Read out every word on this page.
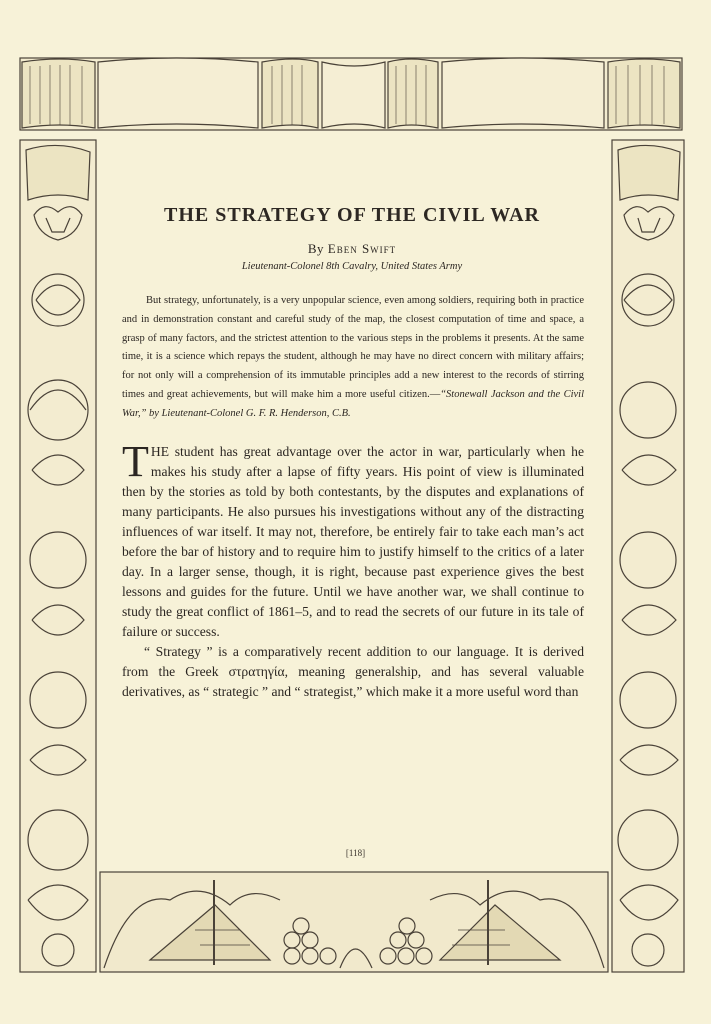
THE STRATEGY OF THE CIVIL WAR
By Eben Swift
Lieutenant-Colonel 8th Cavalry, United States Army
But strategy, unfortunately, is a very unpopular science, even among soldiers, requiring both in practice and in demonstration constant and careful study of the map, the closest computation of time and space, a grasp of many factors, and the strictest attention to the various steps in the problems it presents. At the same time, it is a science which repays the student, although he may have no direct concern with military affairs; for not only will a comprehension of its immutable principles add a new interest to the records of stirring times and great achievements, but will make him a more useful citizen.—“Stonewall Jackson and the Civil War,” by Lieutenant-Colonel G. F. R. Henderson, C.B.

THE student has great advantage over the actor in war, particularly when he makes his study after a lapse of fifty years. His point of view is illuminated then by the stories as told by both contestants, by the disputes and explanations of many participants. He also pursues his investigations without any of the distracting influences of war itself. It may not, therefore, be entirely fair to take each man’s act before the bar of history and to require him to justify himself to the critics of a later day. In a larger sense, though, it is right, because past experience gives the best lessons and guides for the future. Until we have another war, we shall continue to study the great conflict of 1861–5, and to read the secrets of our future in its tale of failure or success.

“ Strategy ” is a comparatively recent addition to our language. It is derived from the Greek στρατηγία, meaning generalship, and has several valuable derivatives, as “ strategic ” and “ strategist,” which make it a more useful word than

[118]
